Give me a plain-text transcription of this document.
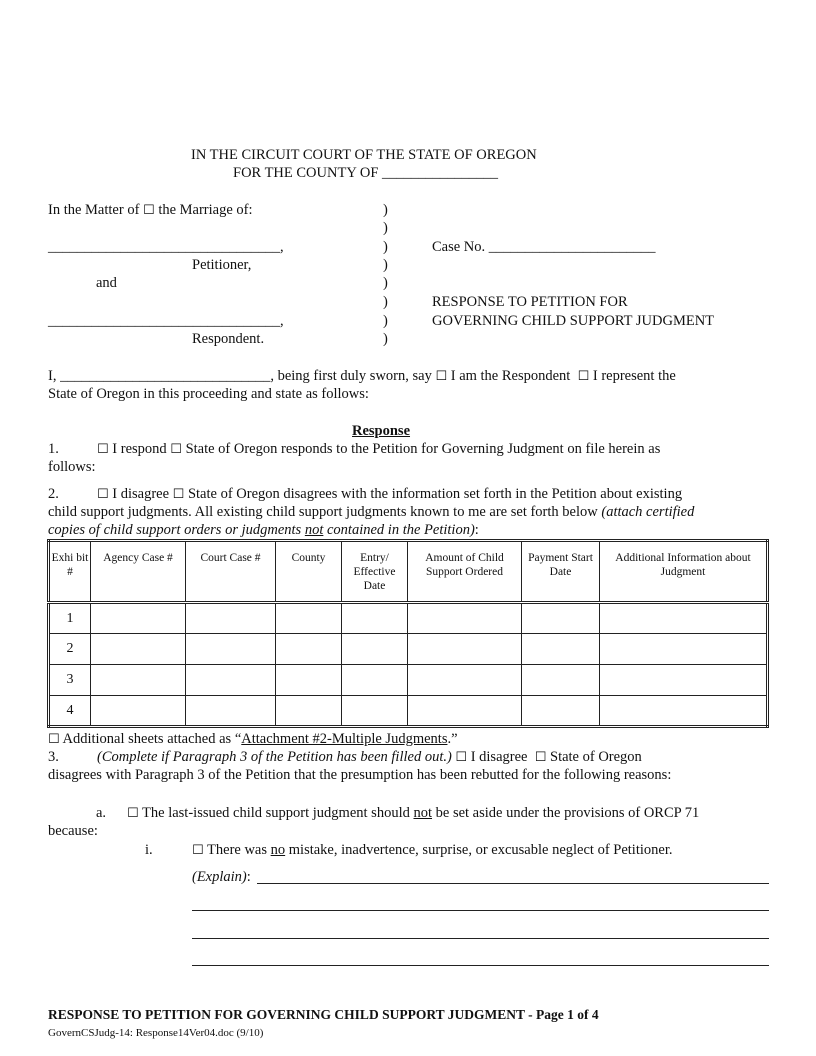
IN THE CIRCUIT COURT OF THE STATE OF OREGON
FOR THE COUNTY OF ________________
In the Matter of ☐ the Marriage of:
________________________________,
Petitioner,
and
________________________________,
Respondent.
)
)
)
)
)
)
)
)
Case No. _______________________
RESPONSE TO PETITION FOR
GOVERNING CHILD SUPPORT JUDGMENT
I, _____________________________, being first duly sworn, say ☐ I am the Respondent ☐ I represent the
State of Oregon in this proceeding and state as follows:
Response
1.	☐ I respond ☐ State of Oregon responds to the Petition for Governing Judgment on file herein as
follows:
2.	☐ I disagree ☐ State of Oregon disagrees with the information set forth in the Petition about existing
child support judgments. All existing child support judgments known to me are set forth below (attach certified
copies of child support orders or judgments not contained in the Petition):
Exhi bit #	Agency Case #	Court Case #	County	Entry/ Effective Date	Amount of Child Support Ordered	Payment Start Date	Additional Information about Judgment
1							
2							
3							
4							
☐ Additional sheets attached as “Attachment #2-Multiple Judgments.”
3.	(Complete if Paragraph 3 of the Petition has been filled out.) ☐ I disagree ☐ State of Oregon
disagrees with Paragraph 3 of the Petition that the presumption has been rebutted for the following reasons:
a. ☐ The last-issued child support judgment should not be set aside under the provisions of ORCP 71
because:
i.	☐ There was no mistake, inadvertence, surprise, or excusable neglect of Petitioner.
(Explain):
RESPONSE TO PETITION FOR GOVERNING CHILD SUPPORT JUDGMENT - Page 1 of 4
GovernCSJudg-14: Response14Ver04.doc (9/10)
